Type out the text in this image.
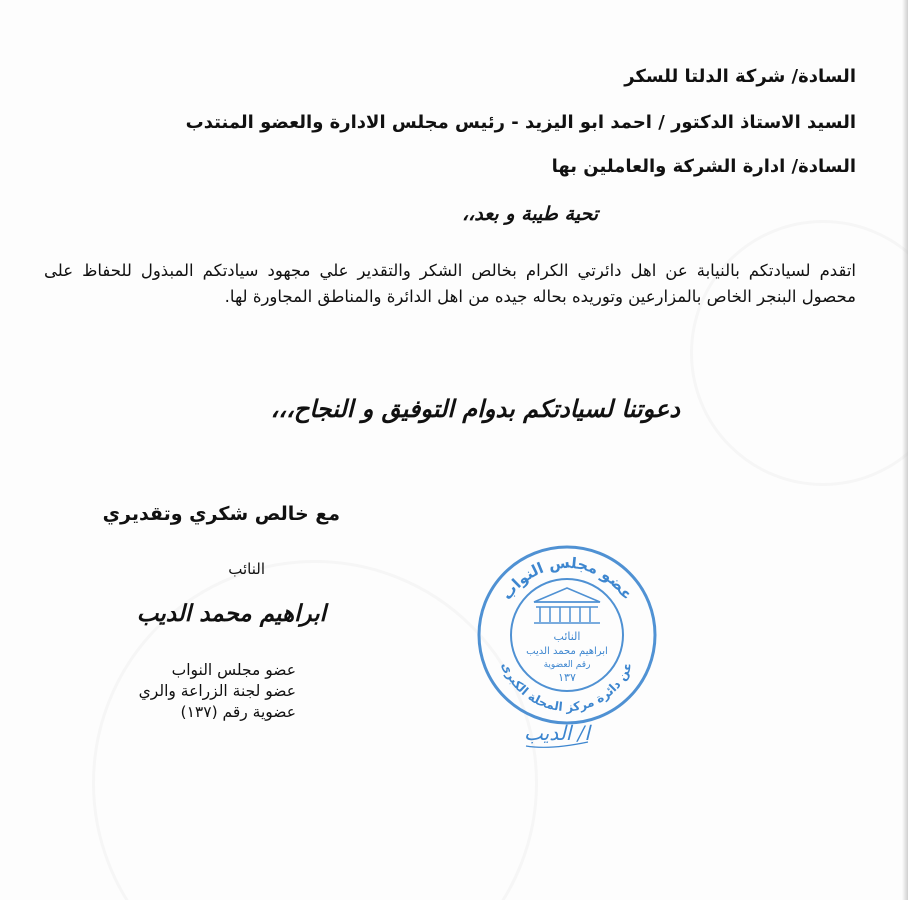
السادة/ شركة الدلتا للسكر
السيد الاستاذ الدكتور / احمد ابو اليزيد - رئيس مجلس الادارة والعضو المنتدب
السادة/ ادارة الشركة والعاملين بها
تحية طيبة و بعد،،
اتقدم لسيادتكم بالنيابة عن اهل دائرتي الكرام بخالص الشكر والتقدير علي مجهود سيادتكم المبذول للحفاظ على محصول البنجر الخاص بالمزارعين وتوريده بحاله جيده من اهل الدائرة والمناطق المجاورة لها.
دعوتنا لسيادتكم بدوام التوفيق و النجاح،،،
مع خالص شكري وتقديري
النائب
ابراهيم محمد الديب
عضو مجلس النواب
عضو لجنة الزراعة والري
عضوية رقم (١٣٧)
عضو مجلس النواب
عن دائرة مركز المحلة الكبرى
النائب
ابراهيم محمد الديب
رقم العضوية
١٣٧
ا/ الديب
